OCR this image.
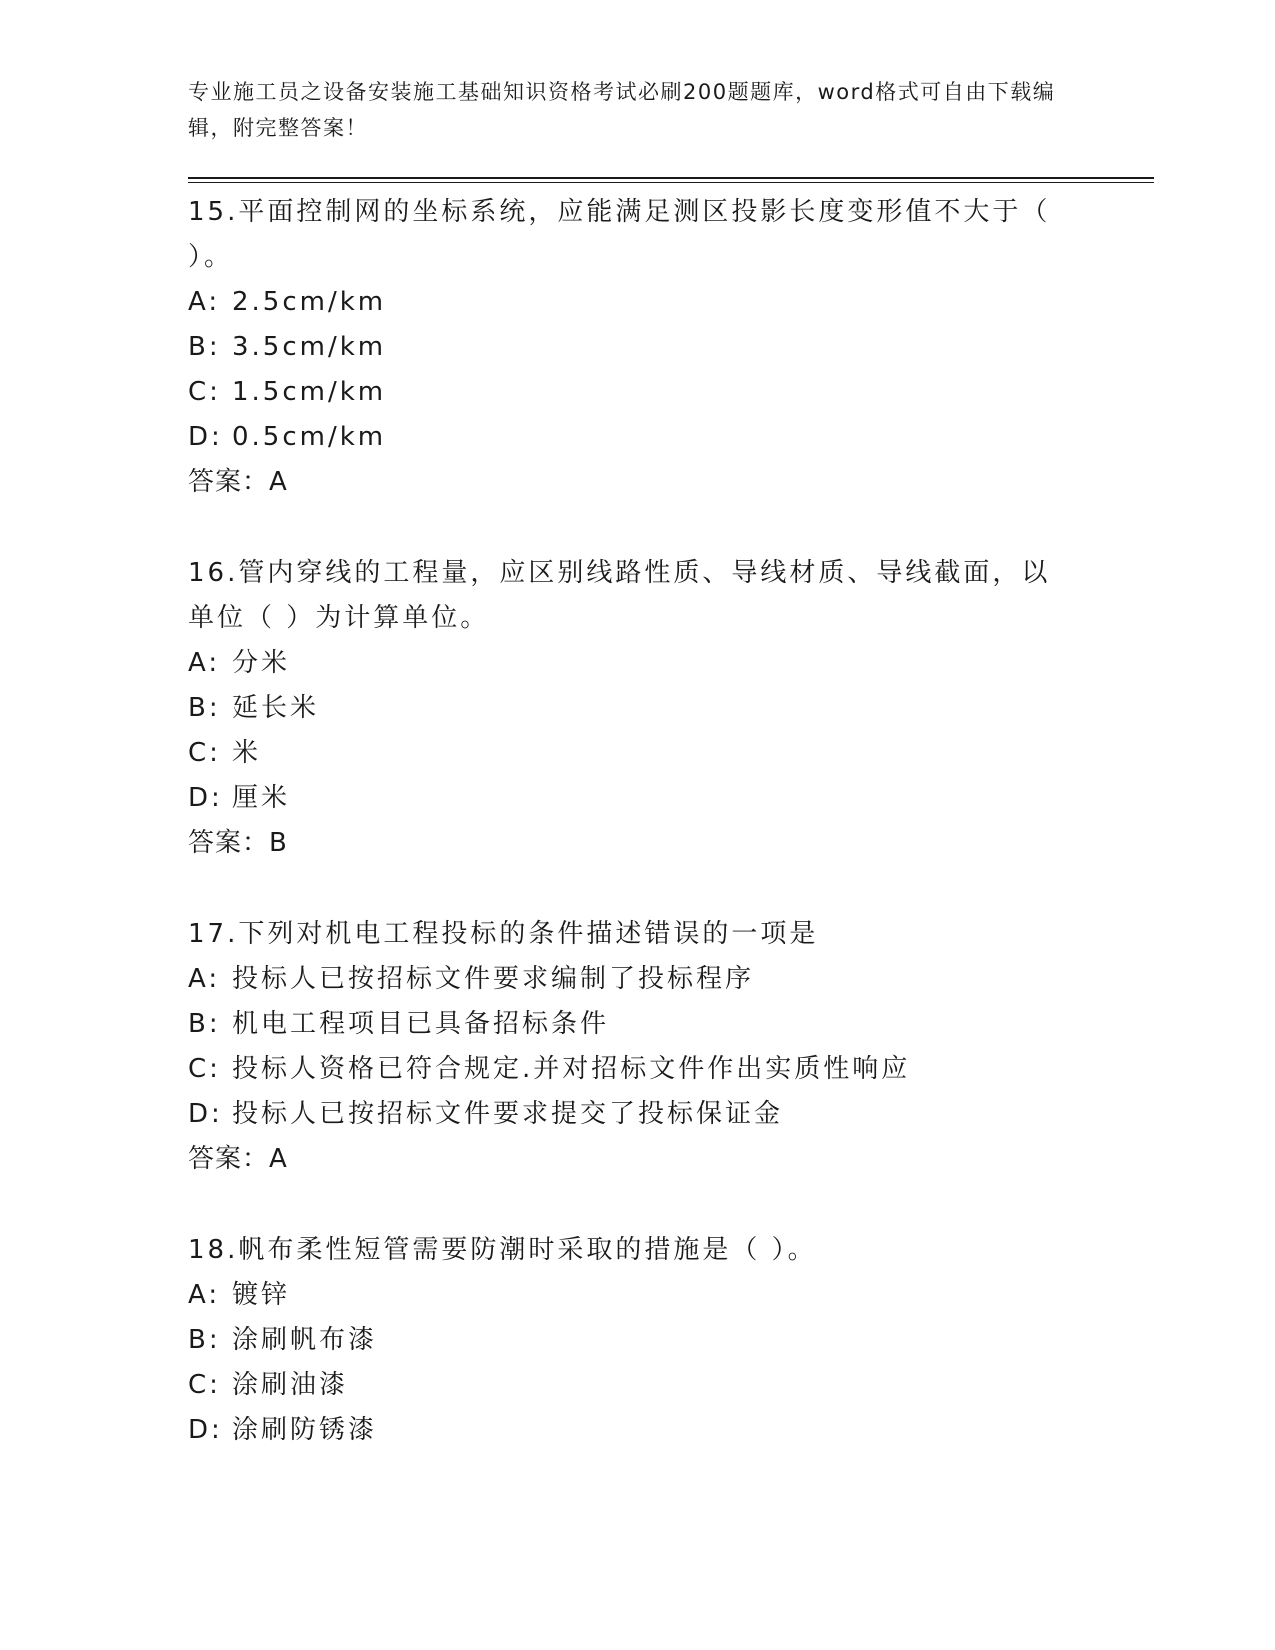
专业施工员之设备安装施工基础知识资格考试必刷200题题库，word格式可自由下载编辑，附完整答案！
15.平面控制网的坐标系统，应能满足测区投影长度变形值不大于（ ）。
A: 2.5cm/km
B: 3.5cm/km
C: 1.5cm/km
D: 0.5cm/km
答案：A
16.管内穿线的工程量，应区别线路性质、导线材质、导线截面，以单位（ ）为计算单位。
A: 分米
B: 延长米
C: 米
D: 厘米
答案：B
17.下列对机电工程投标的条件描述错误的一项是
A: 投标人已按招标文件要求编制了投标程序
B: 机电工程项目已具备招标条件
C: 投标人资格已符合规定.并对招标文件作出实质性响应
D: 投标人已按招标文件要求提交了投标保证金
答案：A
18.帆布柔性短管需要防潮时采取的措施是（ ）。
A: 镀锌
B: 涂刷帆布漆
C: 涂刷油漆
D: 涂刷防锈漆
